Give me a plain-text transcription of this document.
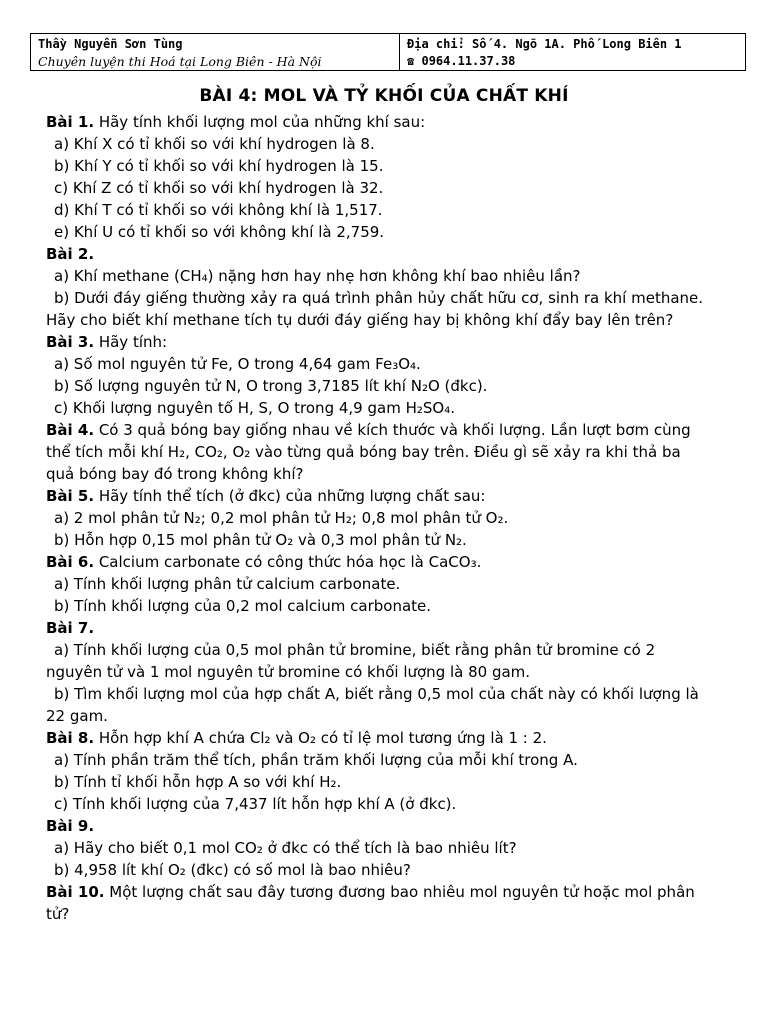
Thầy Nguyễn Sơn Tùng
Chuyên luyện thi Hoá tại Long Biên - Hà Nội
Địa chỉ: Số 4. Ngõ 1A. Phố Long Biên 1
☎ 0964.11.37.38
BÀI 4: MOL VÀ TỶ KHỐI CỦA CHẤT KHÍ
Bài 1. Hãy tính khối lượng mol của những khí sau:
a) Khí X có tỉ khối so với khí hydrogen là 8.
b) Khí Y có tỉ khối so với khí hydrogen là 15.
c) Khí Z có tỉ khối so với khí hydrogen là 32.
d) Khí T có tỉ khối so với không khí là 1,517.
e) Khí U có tỉ khối so với không khí là 2,759.
Bài 2.
a) Khí methane (CH₄) nặng hơn hay nhẹ hơn không khí bao nhiêu lần?
b) Dưới đáy giếng thường xảy ra quá trình phân hủy chất hữu cơ, sinh ra khí methane.
Hãy cho biết khí methane tích tụ dưới đáy giếng hay bị không khí đẩy bay lên trên?
Bài 3. Hãy tính:
a) Số mol nguyên tử Fe, O trong 4,64 gam Fe₃O₄.
b) Số lượng nguyên tử N, O trong 3,7185 lít khí N₂O (đkc).
c) Khối lượng nguyên tố H, S, O trong 4,9 gam H₂SO₄.
Bài 4. Có 3 quả bóng bay giống nhau về kích thước và khối lượng. Lần lượt bơm cùng
thể tích mỗi khí H₂, CO₂, O₂ vào từng quả bóng bay trên. Điều gì sẽ xảy ra khi thả ba
quả bóng bay đó trong không khí?
Bài 5. Hãy tính thể tích (ở đkc) của những lượng chất sau:
a) 2 mol phân tử N₂; 0,2 mol phân tử H₂; 0,8 mol phân tử O₂.
b) Hỗn hợp 0,15 mol phân tử O₂ và 0,3 mol phân tử N₂.
Bài 6. Calcium carbonate có công thức hóa học là CaCO₃.
a) Tính khối lượng phân tử calcium carbonate.
b) Tính khối lượng của 0,2 mol calcium carbonate.
Bài 7.
a) Tính khối lượng của 0,5 mol phân tử bromine, biết rằng phân tử bromine có 2
nguyên tử và 1 mol nguyên tử bromine có khối lượng là 80 gam.
b) Tìm khối lượng mol của hợp chất A, biết rằng 0,5 mol của chất này có khối lượng là
22 gam.
Bài 8. Hỗn hợp khí A chứa Cl₂ và O₂ có tỉ lệ mol tương ứng là 1 : 2.
a) Tính phần trăm thể tích, phần trăm khối lượng của mỗi khí trong A.
b) Tính tỉ khối hỗn hợp A so với khí H₂.
c) Tính khối lượng của 7,437 lít hỗn hợp khí A (ở đkc).
Bài 9.
a) Hãy cho biết 0,1 mol CO₂ ở đkc có thể tích là bao nhiêu lít?
b) 4,958 lít khí O₂ (đkc) có số mol là bao nhiêu?
Bài 10. Một lượng chất sau đây tương đương bao nhiêu mol nguyên tử hoặc mol phân
tử?
